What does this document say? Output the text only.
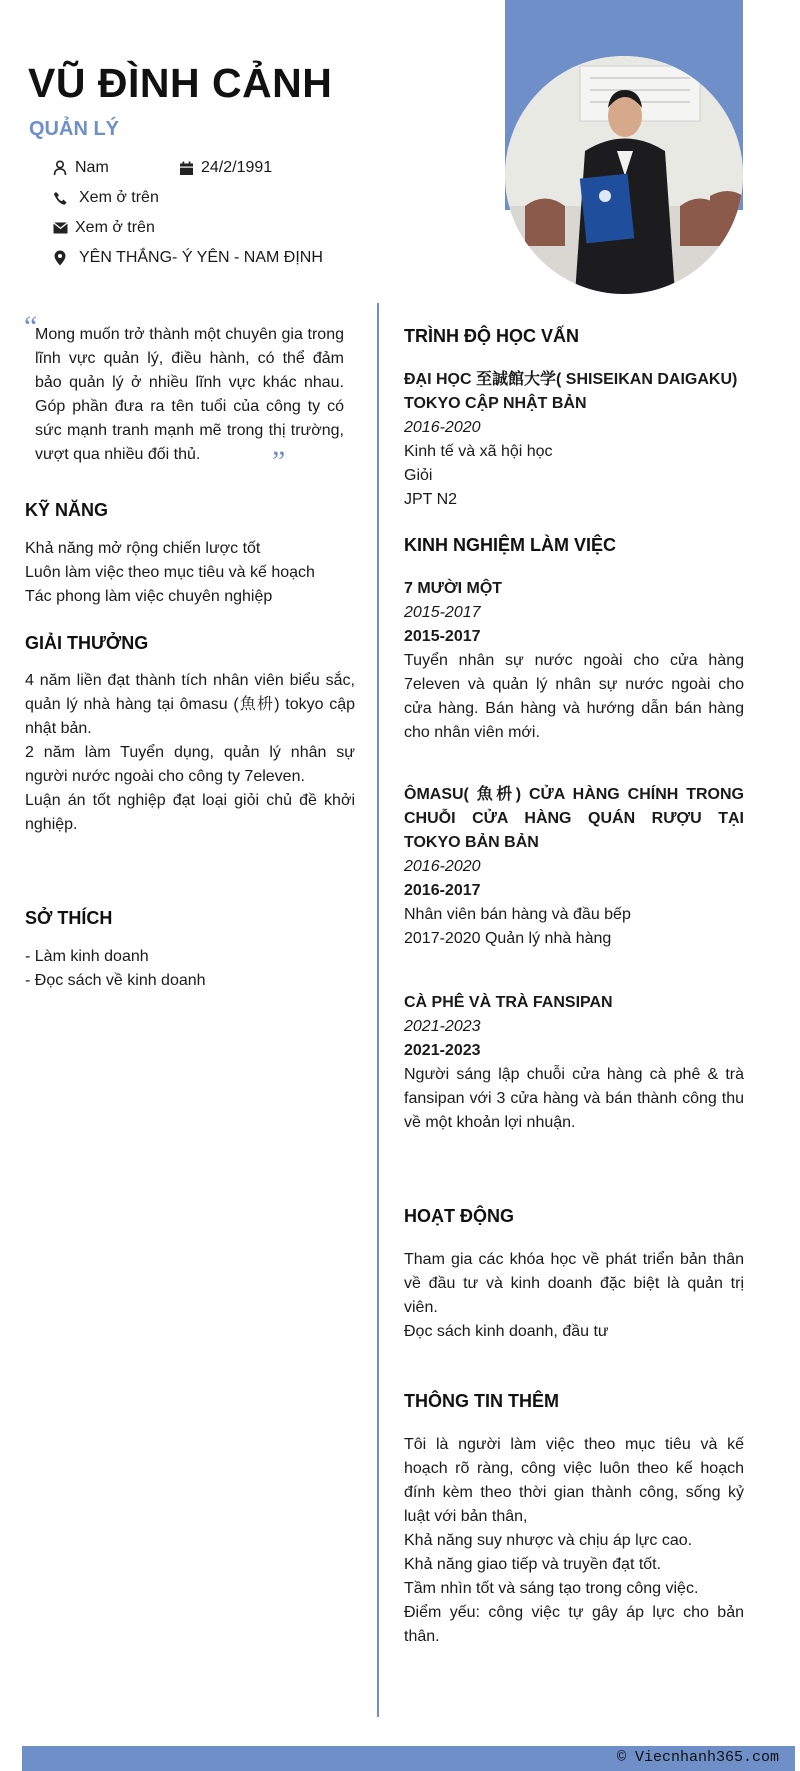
VŨ ĐÌNH CẢNH
QUẢN LÝ
Nam	24/2/1991
Xem ở trên
Xem ở trên
YÊN THẮNG- Ý YÊN - NAM ĐỊNH
“
Mong muốn trở thành một chuyên gia trong lĩnh vực quản lý, điều hành, có thể đảm bảo quản lý ở nhiều lĩnh vực khác nhau. Góp phần đưa ra tên tuổi của công ty có sức mạnh tranh mạnh mẽ trong thị trường, vượt qua nhiều đối thủ.	”
KỸ NĂNG
Khả năng mở rộng chiến lược tốt
Luôn làm việc theo mục tiêu và kế hoạch
Tác phong làm việc chuyên nghiệp
GIẢI THƯỞNG
4 năm liền đạt thành tích nhân viên biểu sắc, quản lý nhà hàng tại ômasu (魚枡) tokyo cập nhật bản.
2 năm làm Tuyển dụng, quản lý nhân sự người nước ngoài cho công ty 7eleven.
Luận án tốt nghiệp đạt loại giỏi chủ đề khởi nghiệp.
SỞ THÍCH
- Làm kinh doanh
- Đọc sách về kinh doanh
TRÌNH ĐỘ HỌC VẤN
ĐẠI HỌC 至誠館大学( SHISEIKAN DAIGAKU) TOKYO CẬP NHẬT BẢN
2016-2020
Kinh tế và xã hội học
Giỏi
JPT N2
KINH NGHIỆM LÀM VIỆC
7 MƯỜI MỘT
2015-2017
2015-2017
Tuyển nhân sự nước ngoài cho cửa hàng 7eleven và quản lý nhân sự nước ngoài cho cửa hàng. Bán hàng và hướng dẫn bán hàng cho nhân viên mới.
ÔMASU( 魚枡) CỬA HÀNG CHÍNH TRONG CHUỖI CỬA HÀNG QUÁN RƯỢU TẠI TOKYO BẢN BẢN
2016-2020
2016-2017
Nhân viên bán hàng và đầu bếp
2017-2020 Quản lý nhà hàng
CÀ PHÊ VÀ TRÀ FANSIPAN
2021-2023
2021-2023
Người sáng lập chuỗi cửa hàng cà phê & trà fansipan với 3 cửa hàng và bán thành công thu về một khoản lợi nhuận.
HOẠT ĐỘNG
Tham gia các khóa học về phát triển bản thân về đầu tư và kinh doanh đặc biệt là quản trị viên.
Đọc sách kinh doanh, đầu tư
THÔNG TIN THÊM
Tôi là người làm việc theo mục tiêu và kế hoạch rõ ràng, công việc luôn theo kế hoạch đính kèm theo thời gian thành công, sống kỷ luật với bản thân,
Khả năng suy nhược và chịu áp lực cao.
Khả năng giao tiếp và truyền đạt tốt.
Tầm nhìn tốt và sáng tạo trong công việc.
Điểm yếu: công việc tự gây áp lực cho bản thân.
© Viecnhanh365.com
